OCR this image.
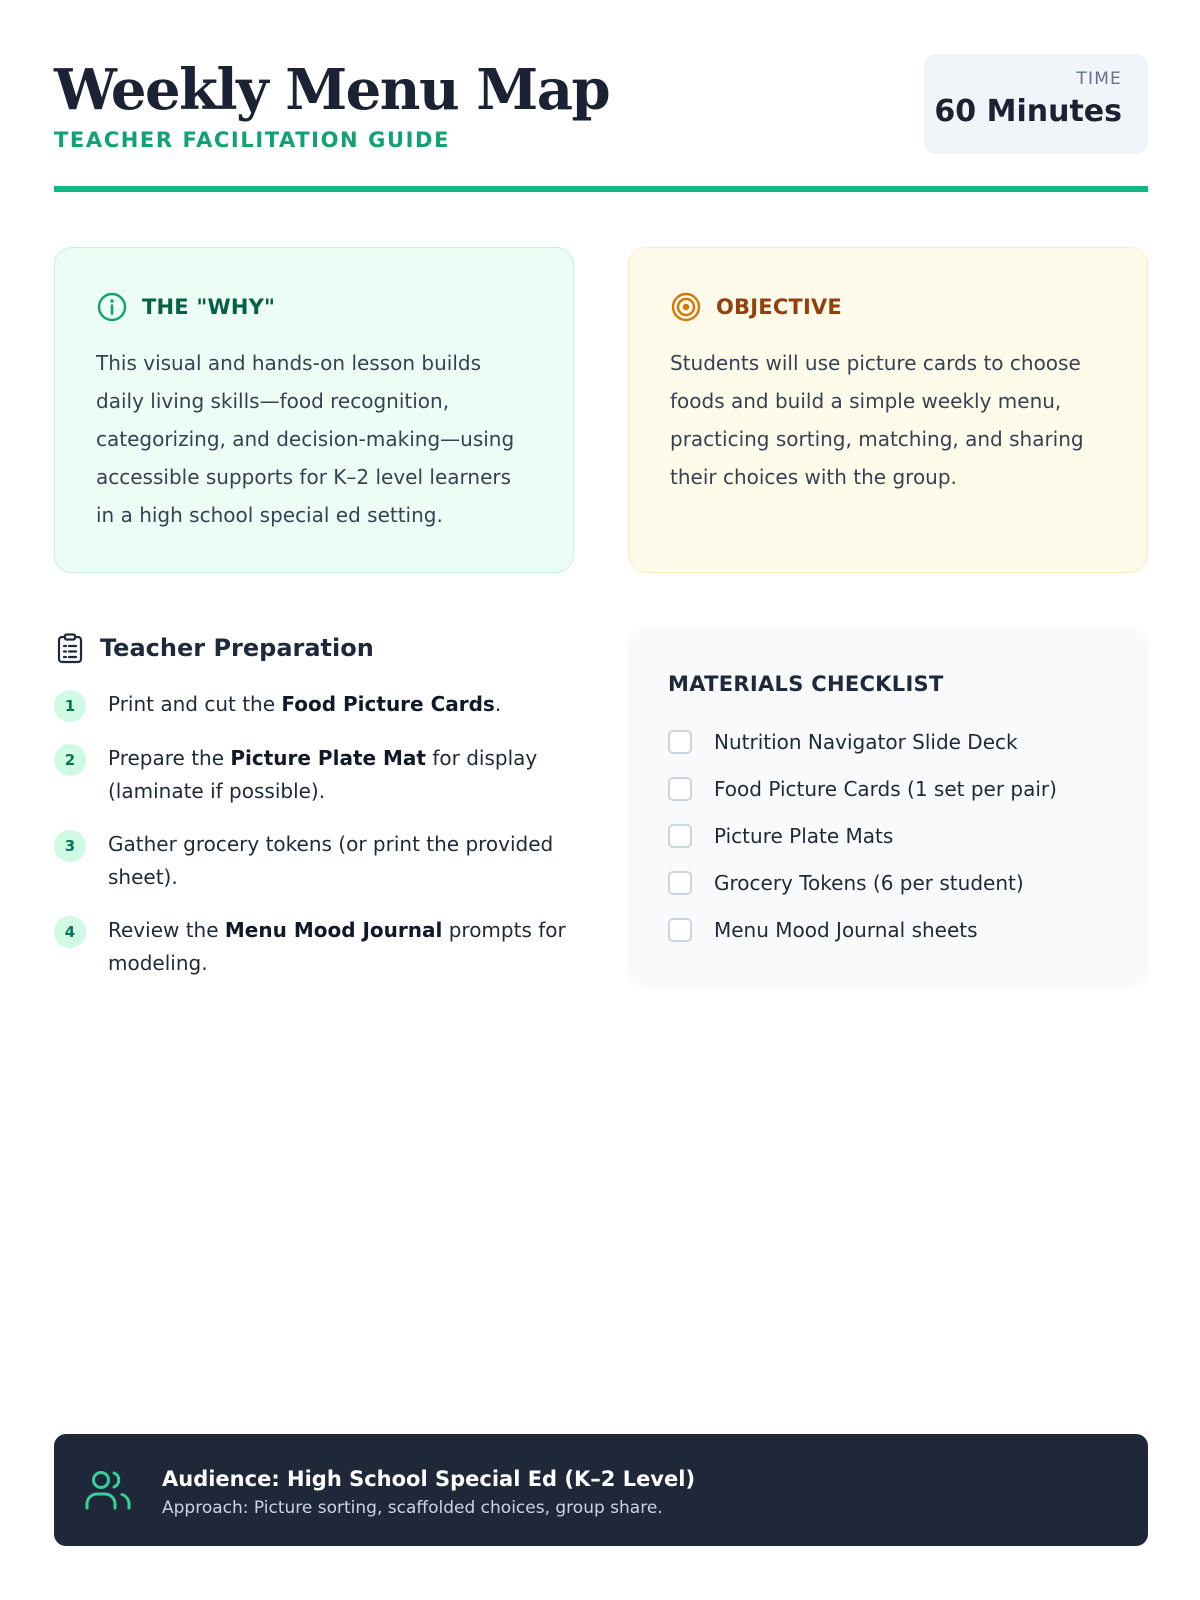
Weekly Menu Map
TEACHER FACILITATION GUIDE
TIME
60 Minutes
THE "WHY"
This visual and hands-on lesson builds daily living skills—food recognition, categorizing, and decision-making—using accessible supports for K–2 level learners in a high school special ed setting.
OBJECTIVE
Students will use picture cards to choose foods and build a simple weekly menu, practicing sorting, matching, and sharing their choices with the group.
Teacher Preparation
1	Print and cut the Food Picture Cards.
2	Prepare the Picture Plate Mat for display (laminate if possible).
3	Gather grocery tokens (or print the provided sheet).
4	Review the Menu Mood Journal prompts for modeling.
MATERIALS CHECKLIST
Nutrition Navigator Slide Deck
Food Picture Cards (1 set per pair)
Picture Plate Mats
Grocery Tokens (6 per student)
Menu Mood Journal sheets
Audience: High School Special Ed (K–2 Level)
Approach: Picture sorting, scaffolded choices, group share.
